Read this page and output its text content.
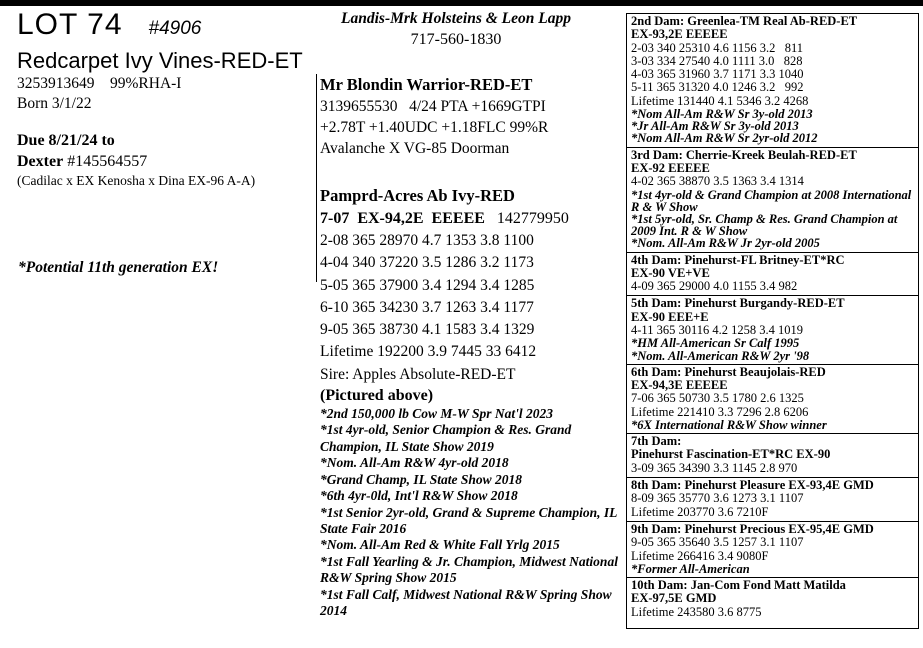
LOT 74 #4906
Redcarpet Ivy Vines-RED-ET
3253913649    99%RHA-I
Born 3/1/22
Due 8/21/24 to
Dexter #145564557
(Cadilac x EX Kenosha x Dina EX-96 A-A)
*Potential 11th generation EX!
Landis-Mrk Holsteins & Leon Lapp
717-560-1830
Mr Blondin Warrior-RED-ET
3139655530   4/24 PTA +1669GTPI
+2.78T +1.40UDC +1.18FLC 99%R
Avalanche X VG-85 Doorman
Pamprd-Acres Ab Ivy-RED
7-07  EX-94,2E  EEEEE 142779950
2-08 365 28970 4.7 1353 3.8 1100
4-04 340 37220 3.5 1286 3.2 1173
5-05 365 37900 3.4 1294 3.4 1285
6-10 365 34230 3.7 1263 3.4 1177
9-05 365 38730 4.1 1583 3.4 1329
Lifetime 192200 3.9 7445 33 6412
Sire: Apples Absolute-RED-ET
(Pictured above)
*2nd 150,000 lb Cow M-W Spr Nat'l 2023
*1st 4yr-old, Senior Champion & Res. Grand Champion, IL State Show 2019
*Nom. All-Am R&W 4yr-old 2018
*Grand Champ, IL State Show 2018
*6th 4yr-0ld, Int'l R&W Show 2018
*1st Senior 2yr-old, Grand & Supreme Champion, IL State Fair 2016
*Nom. All-Am Red & White Fall Yrlg 2015
*1st Fall Yearling & Jr. Champion, Midwest National R&W Spring Show 2015
*1st Fall Calf, Midwest National R&W Spring Show 2014
2nd Dam: Greenlea-TM Real Ab-RED-ET
EX-93,2E EEEEE
2-03 340 25310 4.6 1156 3.2   811
3-03 334 27540 4.0 1111 3.0   828
4-03 365 31960 3.7 1171 3.3 1040
5-11 365 31320 4.0 1246 3.2   992
Lifetime 131440 4.1 5346 3.2 4268
*Nom All-Am R&W Sr 3y-old 2013
*Jr All-Am R&W Sr 3y-old 2013
*Nom All-Am R&W Sr 2yr-old 2012
3rd Dam: Cherrie-Kreek Beulah-RED-ET
EX-92 EEEEE
4-02 365 38870 3.5 1363 3.4 1314
*1st 4yr-old & Grand Champion at 2008 International R & W Show
*1st 5yr-old, Sr. Champ & Res. Grand Champion at 2009 Int. R & W Show
*Nom. All-Am R&W Jr 2yr-old 2005
4th Dam: Pinehurst-FL Britney-ET*RC
EX-90 VE+VE
4-09 365 29000 4.0 1155 3.4 982
5th Dam: Pinehurst Burgandy-RED-ET
EX-90 EEE+E
4-11 365 30116 4.2 1258 3.4 1019
*HM All-American Sr Calf 1995
*Nom. All-American R&W 2yr '98
6th Dam: Pinehurst Beaujolais-RED
EX-94,3E EEEEE
7-06 365 50730 3.5 1780 2.6 1325
Lifetime 221410 3.3 7296 2.8 6206
*6X International R&W Show winner
7th Dam:
Pinehurst Fascination-ET*RC EX-90
3-09 365 34390 3.3 1145 2.8 970
8th Dam: Pinehurst Pleasure EX-93,4E GMD
8-09 365 35770 3.6 1273 3.1 1107
Lifetime 203770 3.6 7210F
9th Dam: Pinehurst Precious EX-95,4E GMD
9-05 365 35640 3.5 1257 3.1 1107
Lifetime 266416 3.4 9080F
*Former All-American
10th Dam: Jan-Com Fond Matt Matilda
EX-97,5E GMD
Lifetime 243580 3.6 8775
